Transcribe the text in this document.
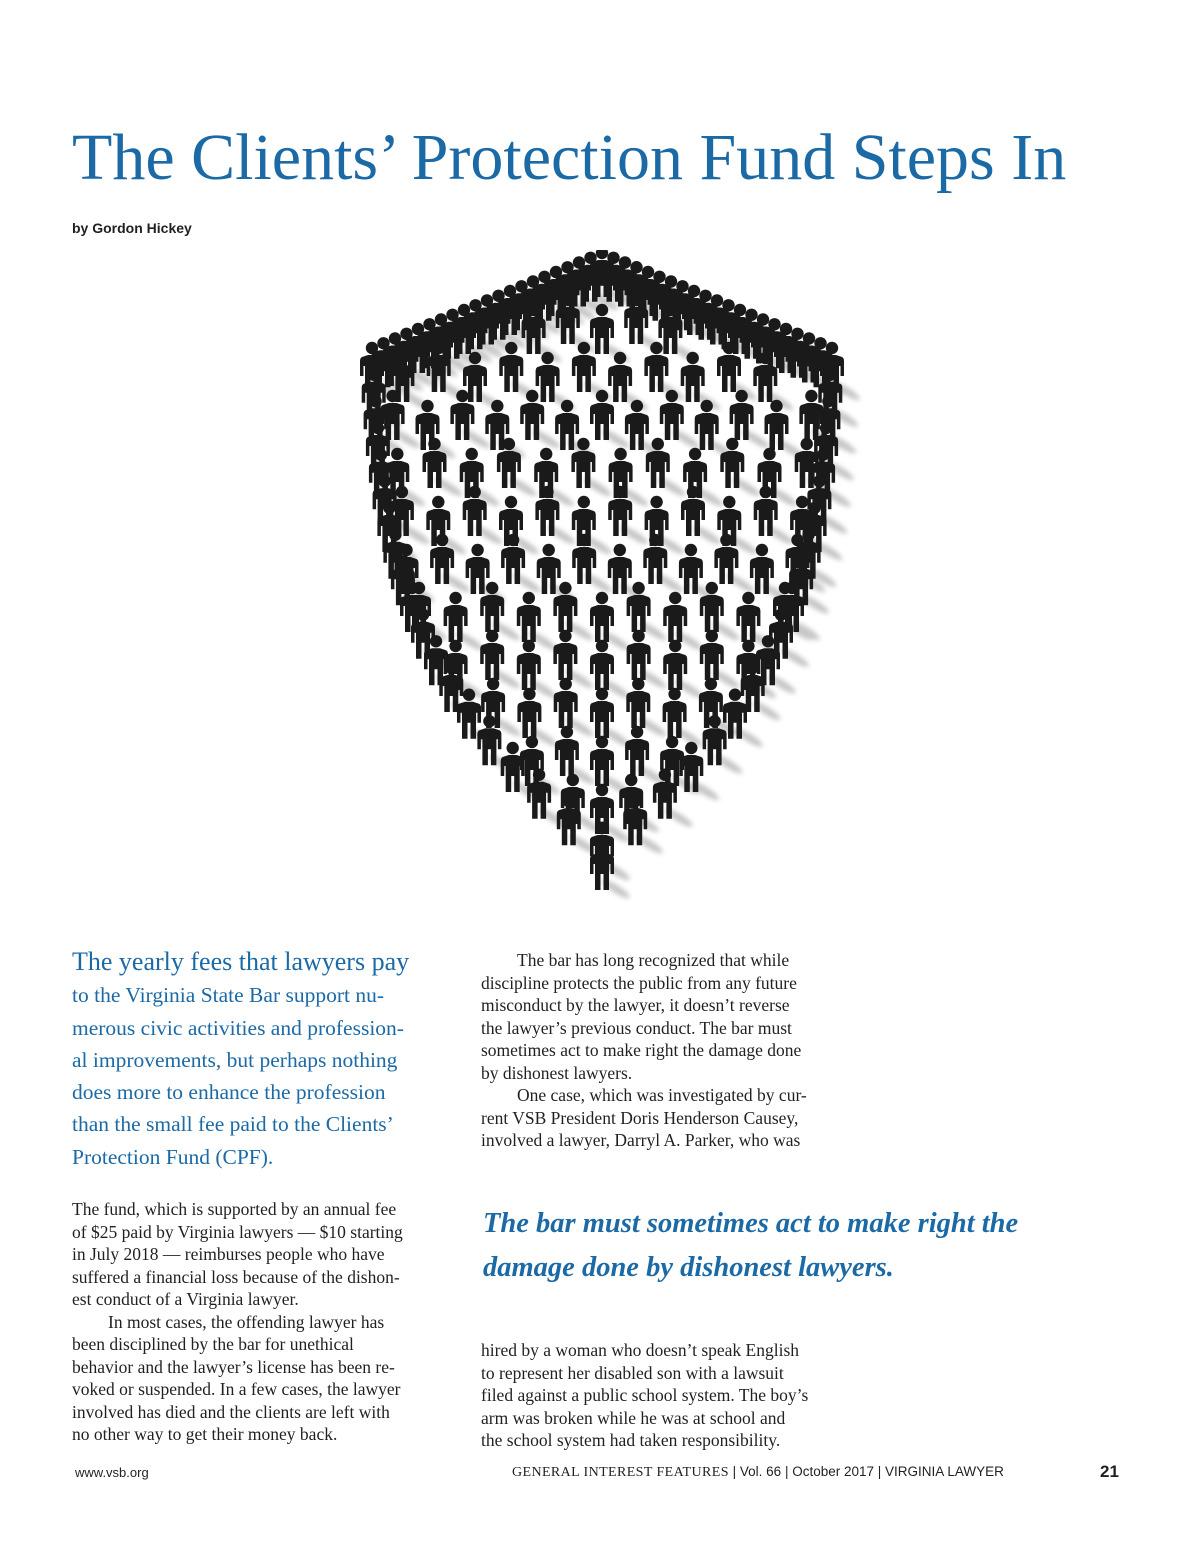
The Clients’ Protection Fund Steps In
by Gordon Hickey

The yearly fees that lawyers pay
to the Virginia State Bar support nu-
merous civic activities and profession-
al improvements, but perhaps nothing
does more to enhance the profession
than the small fee paid to the Clients’
Protection Fund (CPF).

The fund, which is supported by an annual fee
of $25 paid by Virginia lawyers — $10 starting
in July 2018 — reimburses people who have
suffered a financial loss because of the dishon-
est conduct of a Virginia lawyer.

In most cases, the offending lawyer has
been disciplined by the bar for unethical
behavior and the lawyer’s license has been re-
voked or suspended. In a few cases, the lawyer
involved has died and the clients are left with
no other way to get their money back.

The bar has long recognized that while
discipline protects the public from any future
misconduct by the lawyer, it doesn’t reverse
the lawyer’s previous conduct. The bar must
sometimes act to make right the damage done
by dishonest lawyers.

One case, which was investigated by cur-
rent VSB President Doris Henderson Causey,
involved a lawyer, Darryl A. Parker, who was

The bar must sometimes act to make right the
damage done by dishonest lawyers.

hired by a woman who doesn’t speak English
to represent her disabled son with a lawsuit
filed against a public school system. The boy’s
arm was broken while he was at school and
the school system had taken responsibility.

www.vsb.org	GENERAL INTEREST FEATURES | Vol. 66 | October 2017 | VIRGINIA LAWYER	21
